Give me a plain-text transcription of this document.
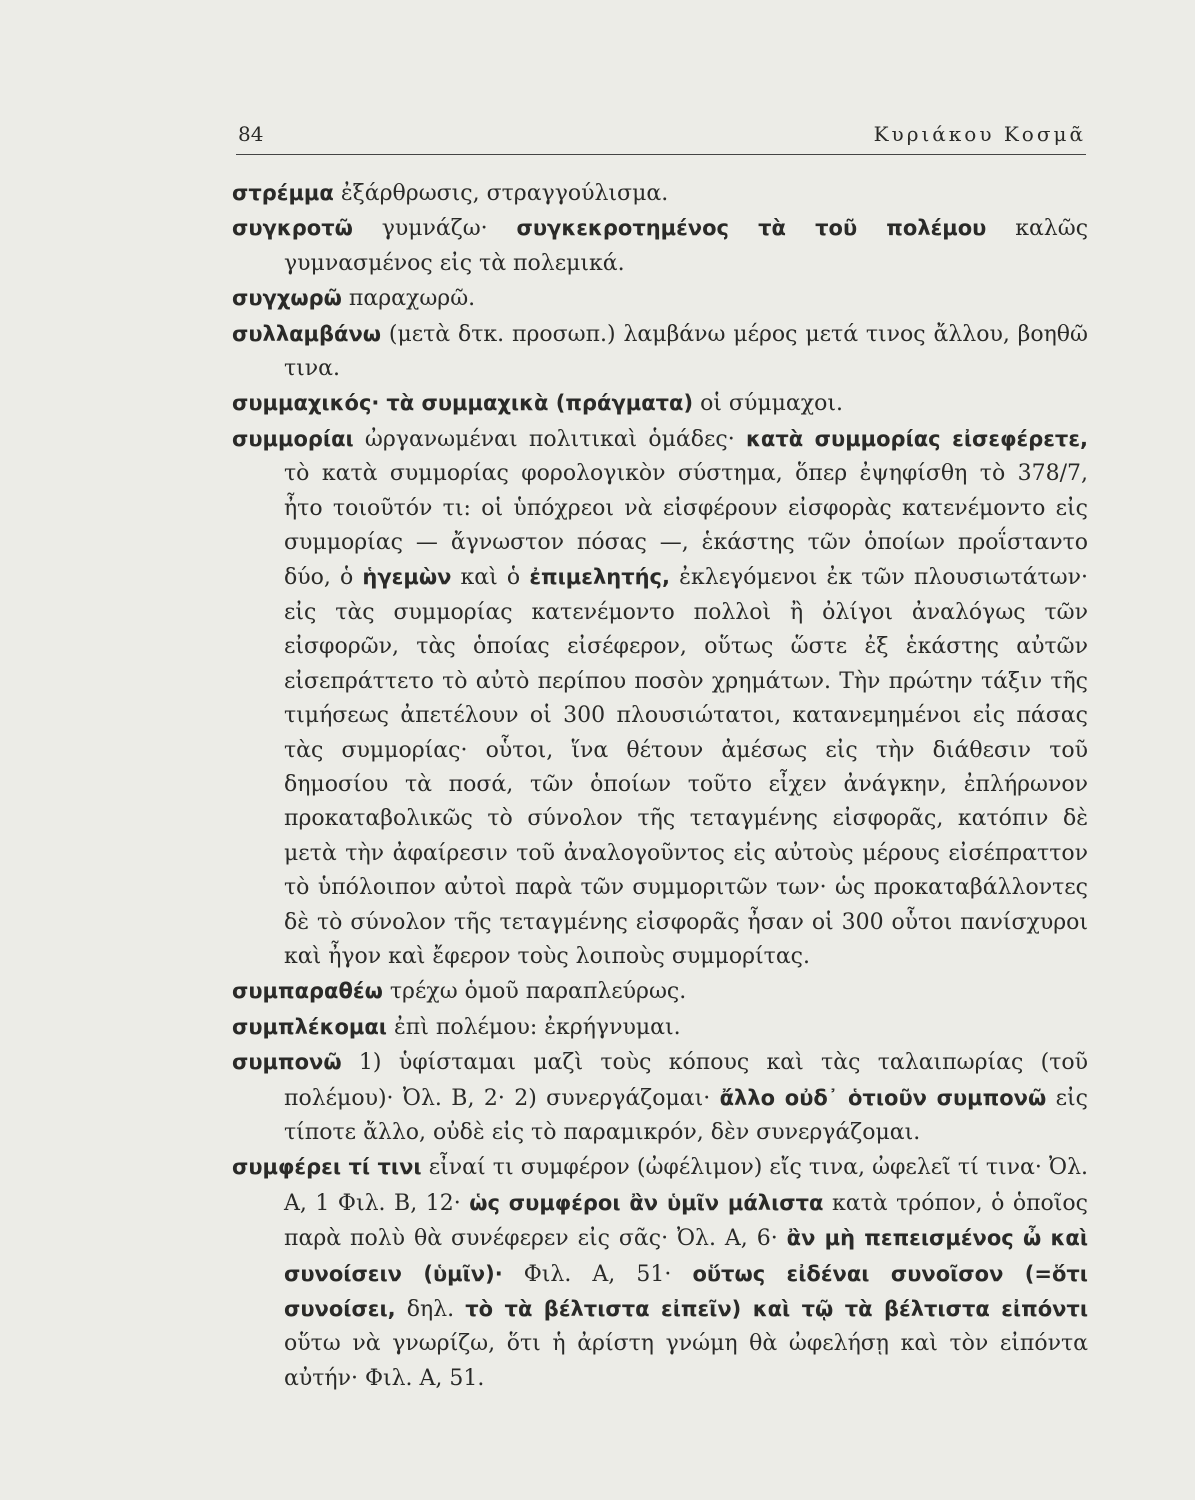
84	Κυριάκου Κοσμᾶ

στρέμμα ἐξάρθρωσις, στραγγούλισμα.

συγκροτῶ γυμνάζω· συγκεκροτημένος τὰ τοῦ πολέμου καλῶς γυμνασμένος εἰς τὰ πολεμικά.

συγχωρῶ παραχωρῶ.

συλλαμβάνω (μετὰ δτκ. προσωπ.) λαμβάνω μέρος μετά τινος ἄλλου, βοηθῶ τινα.

συμμαχικός· τὰ συμμαχικὰ (πράγματα) οἱ σύμμαχοι.

συμμορίαι ὠργανωμέναι πολιτικαὶ ὁμάδες· κατὰ συμμορίας εἰσεφέρετε, τὸ κατὰ συμμορίας φορολογικὸν σύστημα, ὅπερ ἐψηφίσθη τὸ 378/7, ἦτο τοιοῦτόν τι: οἱ ὑπόχρεοι νὰ εἰσφέρουν εἰσφορὰς κατενέμοντο εἰς συμμορίας — ἄγνωστον πόσας —, ἑκάστης τῶν ὁποίων προΐσταντο δύο, ὁ ἡγεμὼν καὶ ὁ ἐπιμελητής, ἐκλεγόμενοι ἐκ τῶν πλουσιωτάτων· εἰς τὰς συμμορίας κατενέμοντο πολλοὶ ἢ ὀλίγοι ἀναλόγως τῶν εἰσφορῶν, τὰς ὁποίας εἰσέφερον, οὕτως ὥστε ἐξ ἑκάστης αὐτῶν εἰσεπράττετο τὸ αὐτὸ περίπου ποσὸν χρημάτων. Τὴν πρώτην τάξιν τῆς τιμήσεως ἀπετέλουν οἱ 300 πλουσιώτατοι, κατανεμημένοι εἰς πάσας τὰς συμμορίας· οὗτοι, ἵνα θέτουν ἀμέσως εἰς τὴν διάθεσιν τοῦ δημοσίου τὰ ποσά, τῶν ὁποίων τοῦτο εἶχεν ἀνάγκην, ἐπλήρωνον προκαταβολικῶς τὸ σύνολον τῆς τεταγμένης εἰσφορᾶς, κατόπιν δὲ μετὰ τὴν ἀφαίρεσιν τοῦ ἀναλογοῦντος εἰς αὐτοὺς μέρους εἰσέπραττον τὸ ὑπόλοιπον αὐτοὶ παρὰ τῶν συμμοριτῶν των· ὡς προκαταβάλλοντες δὲ τὸ σύνολον τῆς τεταγμένης εἰσφορᾶς ἦσαν οἱ 300 οὗτοι πανίσχυροι καὶ ἦγον καὶ ἔφερον τοὺς λοιποὺς συμμορίτας.

συμπαραθέω τρέχω ὁμοῦ παραπλεύρως.

συμπλέκομαι ἐπὶ πολέμου: ἐκρήγνυμαι.

συμπονῶ 1) ὑφίσταμαι μαζὶ τοὺς κόπους καὶ τὰς ταλαιπωρίας (τοῦ πολέμου)· Ὀλ. Β, 2· 2) συνεργάζομαι· ἄλλο οὐδ᾽ ὁτιοῦν συμπονῶ εἰς τίποτε ἄλλο, οὐδὲ εἰς τὸ παραμικρόν, δὲν συνεργάζομαι.

συμφέρει τί τινι εἶναί τι συμφέρον (ὠφέλιμον) εἴς τινα, ὠφελεῖ τί τινα· Ὀλ. Α, 1 Φιλ. Β, 12· ὡς συμφέροι ἂν ὑμῖν μάλιστα κατὰ τρόπον, ὁ ὁποῖος παρὰ πολὺ θὰ συνέφερεν εἰς σᾶς· Ὀλ. Α, 6· ἂν μὴ πεπεισμένος ὦ καὶ συνοίσειν (ὑμῖν)· Φιλ. Α, 51· οὕτως εἰδέναι συνοῖσον (=ὅτι συνοίσει, δηλ. τὸ τὰ βέλτιστα εἰπεῖν) καὶ τῷ τὰ βέλτιστα εἰπόντι οὕτω νὰ γνωρίζω, ὅτι ἡ ἀρίστη γνώμη θὰ ὠφελήσῃ καὶ τὸν εἰπόντα αὐτήν· Φιλ. Α, 51.
